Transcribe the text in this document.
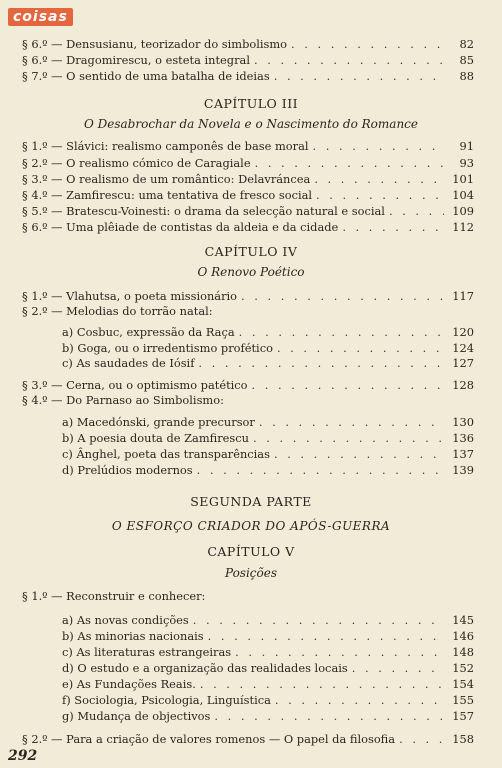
coisas
§ 6.º — Densusianu, teorizador do simbolismo . . .	82
§ 6.º — Dragomirescu, o esteta integral . . .	85
§ 7.º — O sentido de uma batalha de ideias . . .	88
CAPÍTULO III
O Desabrochar da Novela e o Nascimento do Romance
§ 1.º — Slávici: realismo camponês de base moral . . .	91
§ 2.º — O realismo cómico de Caragiale . . .	93
§ 3.º — O realismo de um romântico: Delavráncea . . .	101
§ 4.º — Zamfirescu: uma tentativa de fresco social . . .	104
§ 5.º — Bratescu-Voinesti: o drama da selecção natural e social . . .	109
§ 6.º — Uma plêiade de contistas da aldeia e da cidade . . .	112
CAPÍTULO IV
O Renovo Poético
§ 1.º — Vlahutsa, o poeta missionário . . .	117
§ 2.º — Melodias do torrão natal:
a) Cosbuc, expressão da Raça . . .	120
b) Goga, ou o irredentismo profético . . .	124
c) As saudades de Iósif . . .	127
§ 3.º — Cerna, ou o optimismo patético . . .	128
§ 4.º — Do Parnaso ao Simbolismo:
a) Macedónski, grande precursor . . .	130
b) A poesia douta de Zamfirescu . . .	136
c) Ânghel, poeta das transparências . . .	137
d) Prelúdios modernos . . .	139
SEGUNDA PARTE
O ESFORÇO CRIADOR DO APÓS-GUERRA
CAPÍTULO V
Posições
§ 1.º — Reconstruir e conhecer:
a) As novas condições . . .	145
b) As minorias nacionais . . .	146
c) As literaturas estrangeiras . . .	148
d) O estudo e a organização das realidades locais . . .	152
e) As Fundações Reais. . . .	154
f) Sociologia, Psicologia, Linguística . . .	155
g) Mudança de objectivos . . .	157
§ 2.º — Para a criação de valores romenos — O papel da filosofia . . .	158
292
